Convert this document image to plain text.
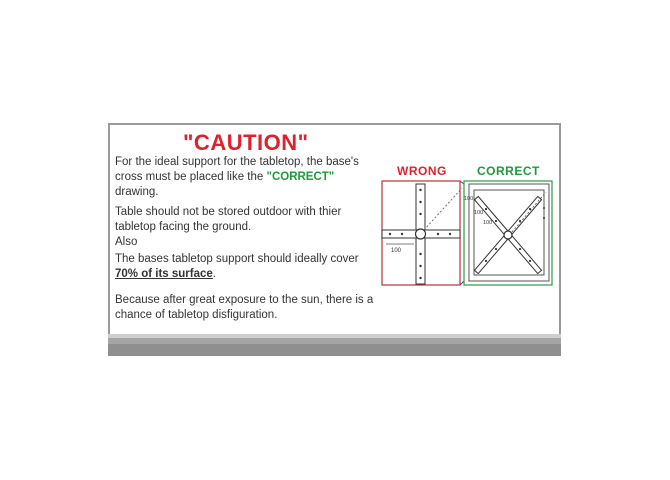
"CAUTION"
For the ideal support for the tabletop, the base's cross must be placed like the "CORRECT" drawing.
Table should not be stored outdoor with thier tabletop facing the ground.
Also
The bases tabletop support should ideally cover 70% of its surface.
Because after great exposure to the sun, there is a chance of tabletop disfiguration.
WRONG	CORRECT
100
100
100
100
